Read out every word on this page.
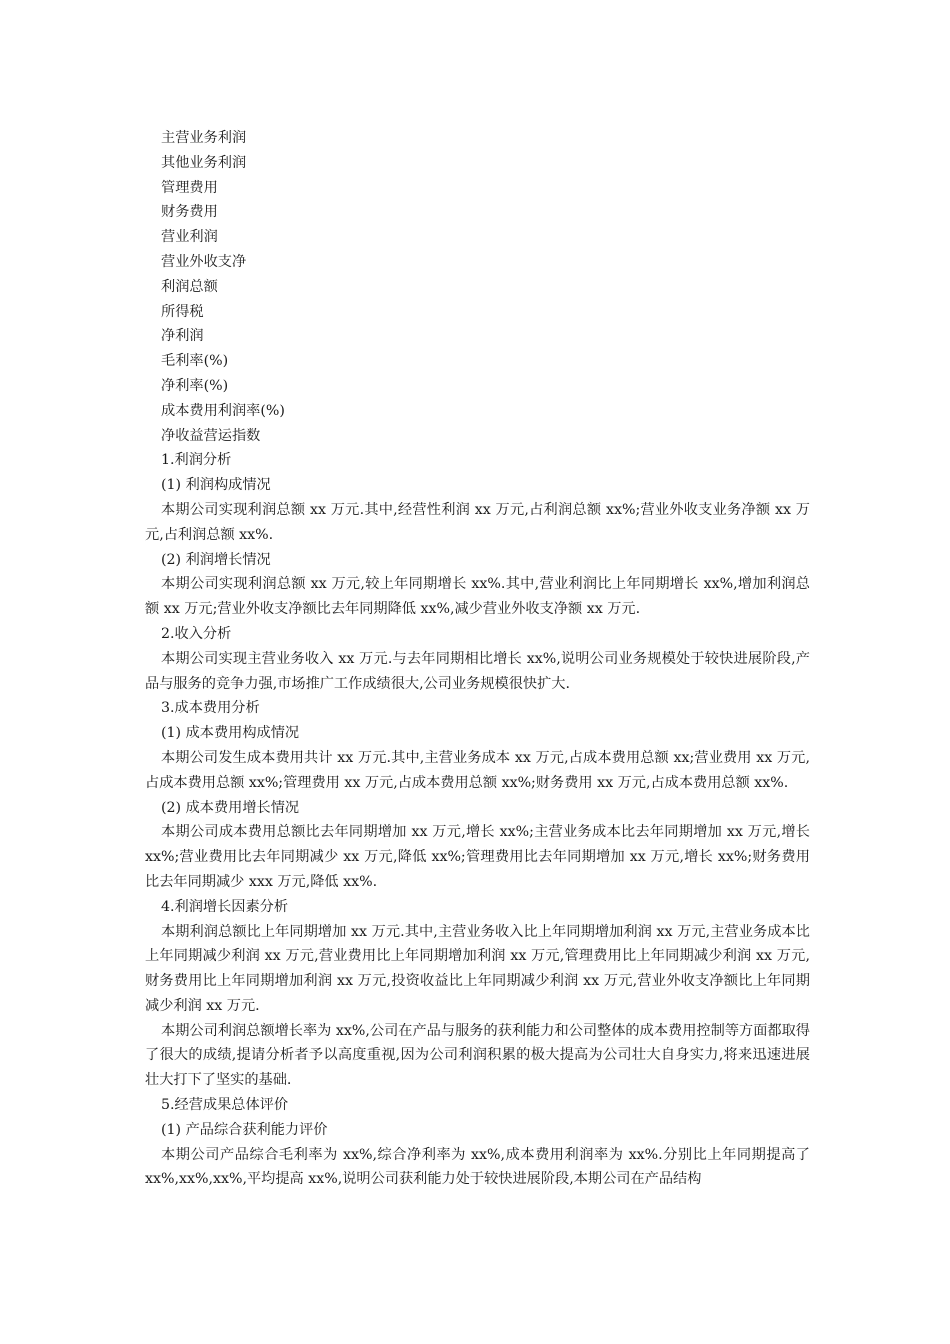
主营业务利润
其他业务利润
管理费用
财务费用
营业利润
营业外收支净
利润总额
所得税
净利润
毛利率(%)
净利率(%)
成本费用利润率(%)
净收益营运指数
1.利润分析
(1) 利润构成情况

本期公司实现利润总额 xx 万元.其中,经营性利润 xx 万元,占利润总额 xx%;营业外收支业务净额 xx 万元,占利润总额 xx%.

(2) 利润增长情况

本期公司实现利润总额 xx 万元,较上年同期增长 xx%.其中,营业利润比上年同期增长 xx%,增加利润总额 xx 万元;营业外收支净额比去年同期降低 xx%,减少营业外收支净额 xx 万元.

2.收入分析

本期公司实现主营业务收入 xx 万元.与去年同期相比增长 xx%,说明公司业务规模处于较快进展阶段,产品与服务的竞争力强,市场推广工作成绩很大,公司业务规模很快扩大.

3.成本费用分析
(1) 成本费用构成情况

本期公司发生成本费用共计 xx 万元.其中,主营业务成本 xx 万元,占成本费用总额 xx;营业费用 xx 万元,占成本费用总额 xx%;管理费用 xx 万元,占成本费用总额 xx%;财务费用 xx 万元,占成本费用总额 xx%.

(2) 成本费用增长情况

本期公司成本费用总额比去年同期增加 xx 万元,增长 xx%;主营业务成本比去年同期增加 xx 万元,增长 xx%;营业费用比去年同期减少 xx 万元,降低 xx%;管理费用比去年同期增加 xx 万元,增长 xx%;财务费用比去年同期减少 xxx 万元,降低 xx%.

4.利润增长因素分析

本期利润总额比上年同期增加 xx 万元.其中,主营业务收入比上年同期增加利润 xx 万元,主营业务成本比上年同期减少利润 xx 万元,营业费用比上年同期增加利润 xx 万元,管理费用比上年同期减少利润 xx 万元,财务费用比上年同期增加利润 xx 万元,投资收益比上年同期减少利润 xx 万元,营业外收支净额比上年同期减少利润 xx 万元.

本期公司利润总额增长率为 xx%,公司在产品与服务的获利能力和公司整体的成本费用控制等方面都取得了很大的成绩,提请分析者予以高度重视,因为公司利润积累的极大提高为公司壮大自身实力,将来迅速进展壮大打下了坚实的基础.

5.经营成果总体评价
(1) 产品综合获利能力评价

本期公司产品综合毛利率为 xx%,综合净利率为 xx%,成本费用利润率为 xx%.分别比上年同期提高了 xx%,xx%,xx%,平均提高 xx%,说明公司获利能力处于较快进展阶段,本期公司在产品结构
